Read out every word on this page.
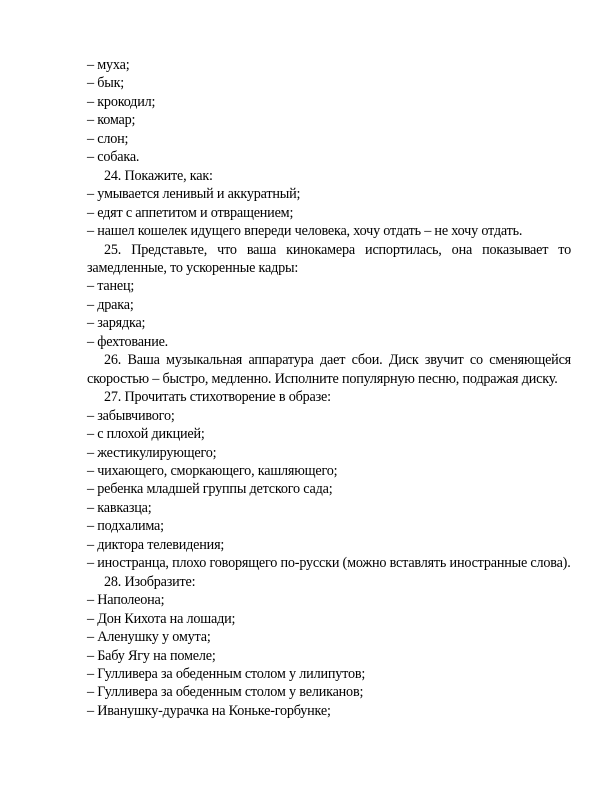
– муха;
– бык;
– крокодил;
– комар;
– слон;
– собака.
24. Покажите, как:
– умывается ленивый и аккуратный;
– едят с аппетитом и отвращением;
– нашел кошелек идущего впереди человека, хочу отдать – не хочу отдать.
25. Представьте, что ваша кинокамера испортилась, она показывает то замедленные, то ускоренные кадры:
– танец;
– драка;
– зарядка;
– фехтование.
26. Ваша музыкальная аппаратура дает сбои. Диск звучит со сменяющейся скоростью – быстро, медленно. Исполните популярную песню, подражая диску.
27. Прочитать стихотворение в образе:
– забывчивого;
– с плохой дикцией;
– жестикулирующего;
– чихающего, сморкающего, кашляющего;
– ребенка младшей группы детского сада;
– кавказца;
– подхалима;
– диктора телевидения;
– иностранца, плохо говорящего по-русски (можно вставлять иностранные слова).
28. Изобразите:
– Наполеона;
– Дон Кихота на лошади;
– Аленушку у омута;
– Бабу Ягу на помеле;
– Гулливера за обеденным столом у лилипутов;
– Гулливера за обеденным столом у великанов;
– Иванушку-дурачка на Коньке-горбунке;
